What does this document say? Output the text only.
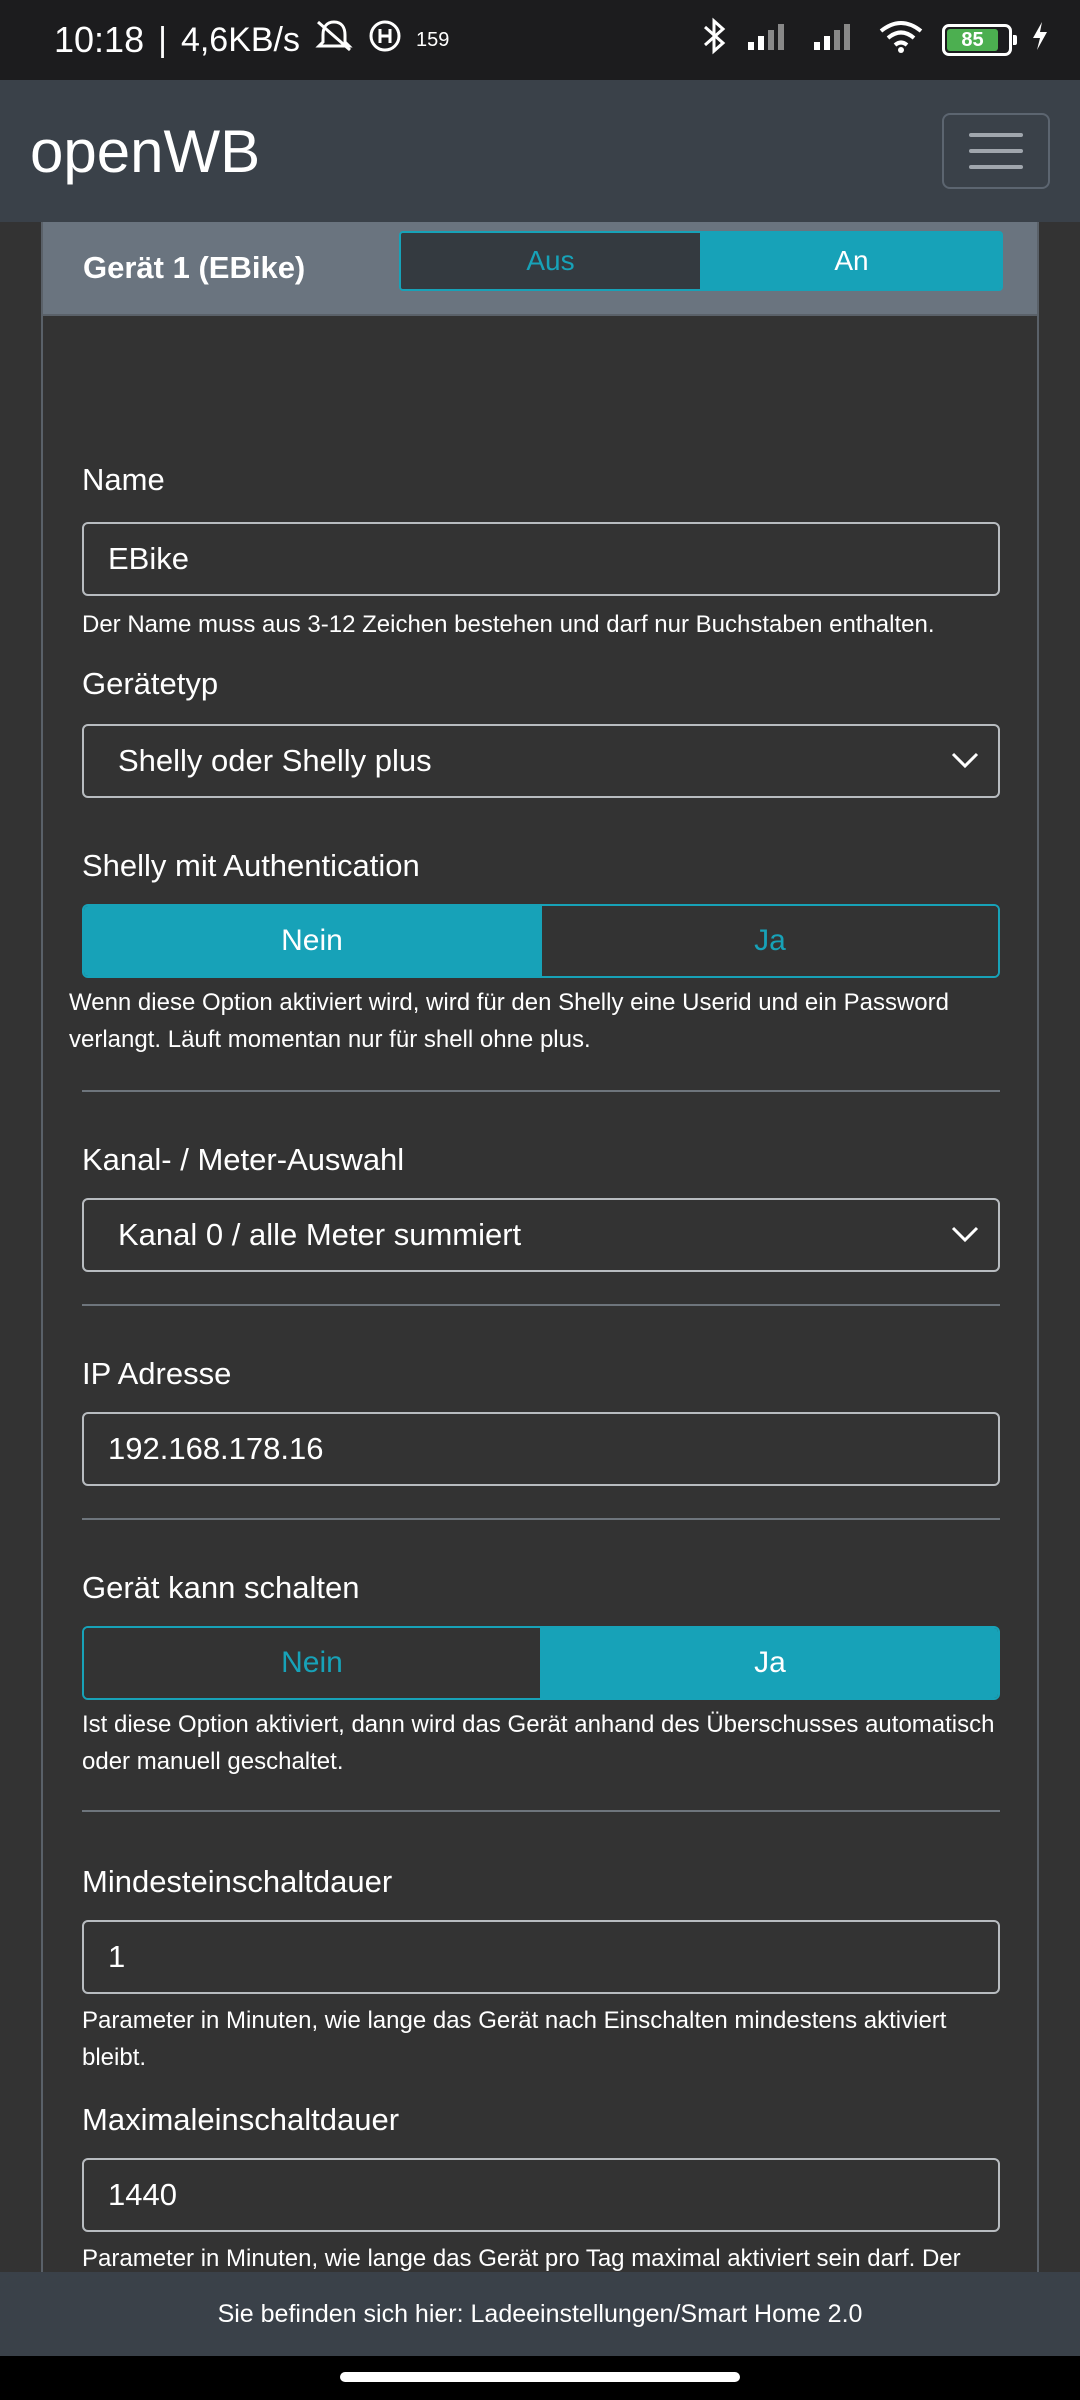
10:18 | 4,6KB/s	159	85
openWB
Gerät 1 (EBike)	Aus	An
Name
EBike
Der Name muss aus 3-12 Zeichen bestehen und darf nur Buchstaben enthalten.
Gerätetyp
Shelly oder Shelly plus
Shelly mit Authentication
Nein	Ja
Wenn diese Option aktiviert wird, wird für den Shelly eine Userid und ein Password verlangt. Läuft momentan nur für shell ohne plus.
Kanal- / Meter-Auswahl
Kanal 0 / alle Meter summiert
IP Adresse
192.168.178.16
Gerät kann schalten
Nein	Ja
Ist diese Option aktiviert, dann wird das Gerät anhand des Überschusses automatisch oder manuell geschaltet.
Mindesteinschaltdauer
1
Parameter in Minuten, wie lange das Gerät nach Einschalten mindestens aktiviert bleibt.
Maximaleinschaltdauer
1440
Parameter in Minuten, wie lange das Gerät pro Tag maximal aktiviert sein darf. Der
Sie befinden sich hier: Ladeeinstellungen/Smart Home 2.0
